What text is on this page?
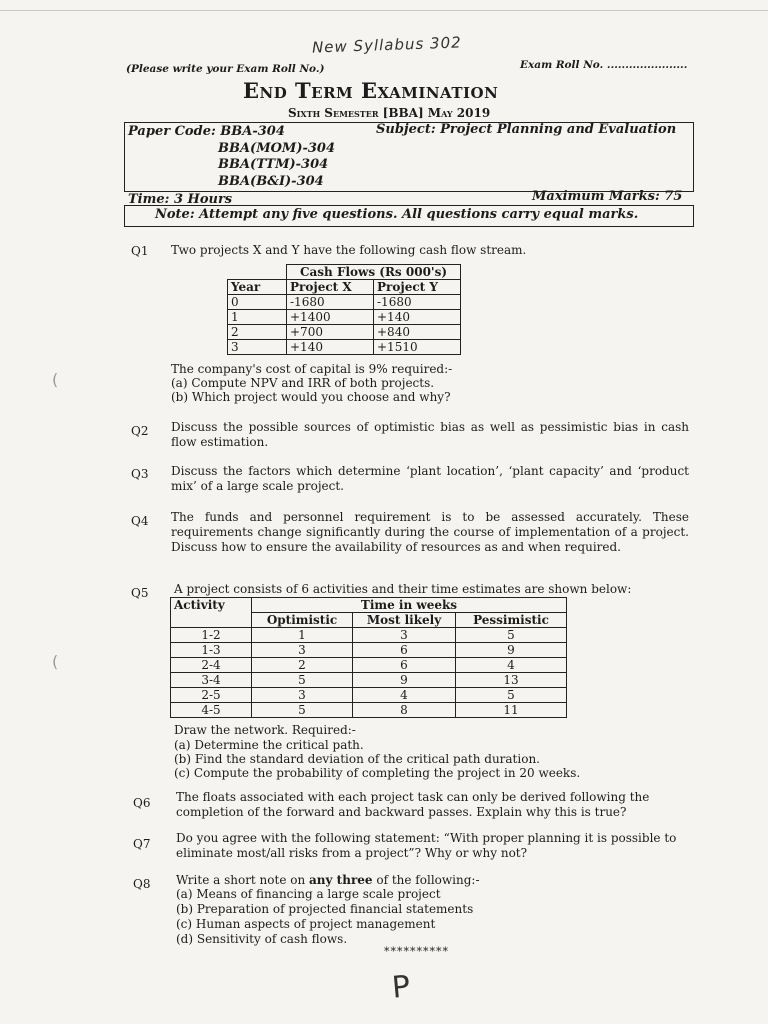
New Syllabus 302
(Please write your Exam Roll No.)	Exam Roll No. ......................
End Term Examination
Sixth Semester [BBA] May 2019
Paper Code: BBA-304
BBA(MOM)-304
BBA(TTM)-304
BBA(B&I)-304
Subject: Project Planning and Evaluation
Time: 3 Hours	Maximum Marks: 75
Note: Attempt any five questions. All questions carry equal marks.
Q1 Two projects X and Y have the following cash flow stream.
	Cash Flows (Rs 000's)	
Year	Project X	Project Y
0	-1680	-1680
1	+1400	+140
2	+700	+840
3	+140	+1510
The company's cost of capital is 9% required:-
(a) Compute NPV and IRR of both projects.
(b) Which project would you choose and why?
Q2 Discuss the possible sources of optimistic bias as well as pessimistic bias in cash flow estimation.
Q3 Discuss the factors which determine ‘plant location’, ‘plant capacity’ and ‘product mix’ of a large scale project.
Q4 The funds and personnel requirement is to be assessed accurately. These requirements change significantly during the course of implementation of a project. Discuss how to ensure the availability of resources as and when required.
Q5 A project consists of 6 activities and their time estimates are shown below:
Activity	Time in weeks		
	Optimistic	Most likely	Pessimistic
1-2	1	3	5
1-3	3	6	9
2-4	2	6	4
3-4	5	9	13
2-5	3	4	5
4-5	5	8	11
Draw the network. Required:-
(a) Determine the critical path.
(b) Find the standard deviation of the critical path duration.
(c) Compute the probability of completing the project in 20 weeks.
Q6 The floats associated with each project task can only be derived following the completion of the forward and backward passes. Explain why this is true?
Q7 Do you agree with the following statement: “With proper planning it is possible to eliminate most/all risks from a project”? Why or why not?
Q8 Write a short note on any three of the following:-
(a) Means of financing a large scale project
(b) Preparation of projected financial statements
(c) Human aspects of project management
(d) Sensitivity of cash flows.
**********
P
(
(
